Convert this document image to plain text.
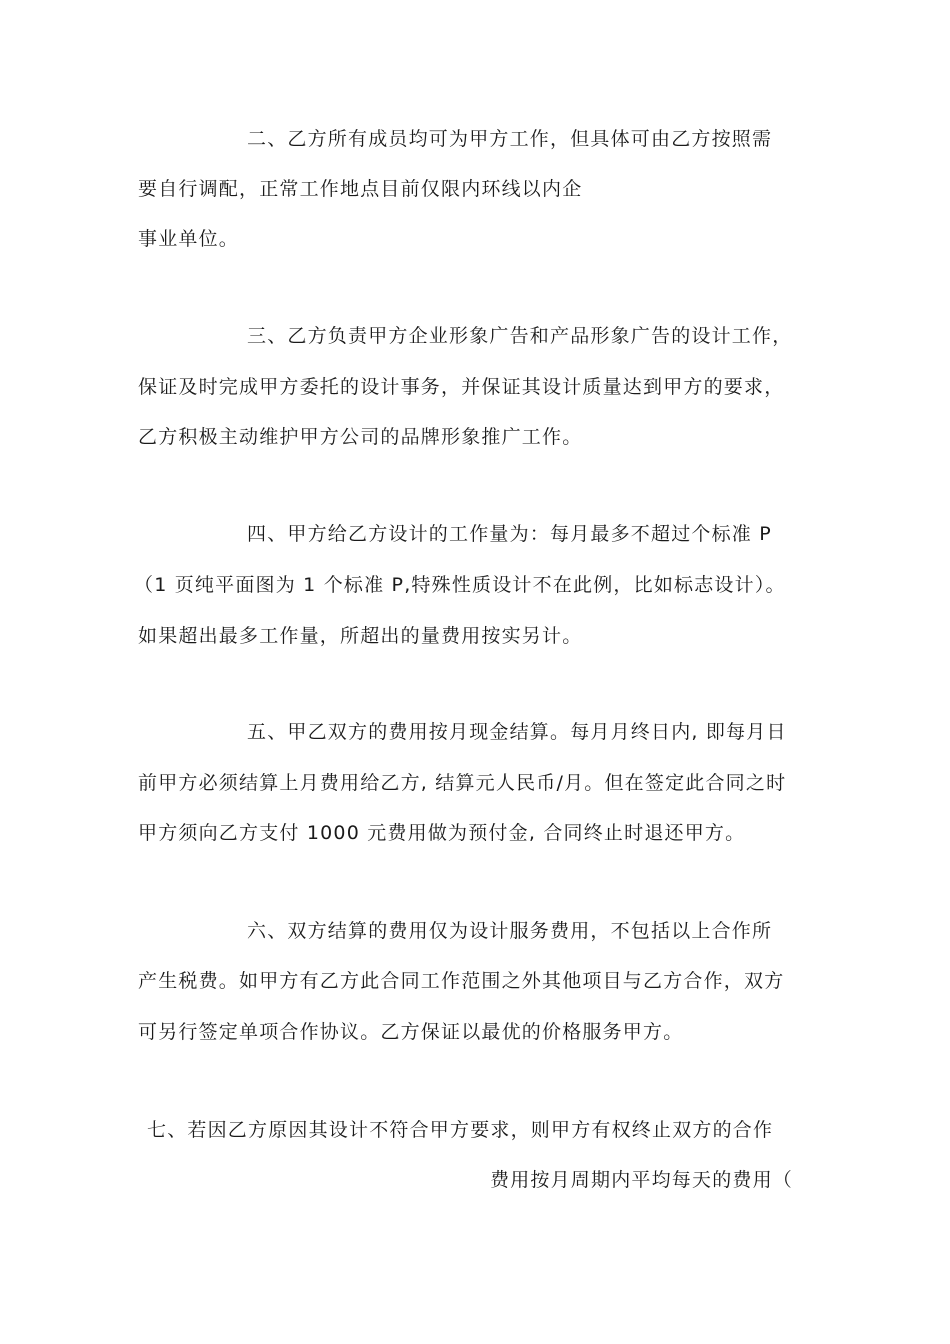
二、乙方所有成员均可为甲方工作，但具体可由乙方按照需
要自行调配，正常工作地点目前仅限内环线以内企
事业单位。
三、乙方负责甲方企业形象广告和产品形象广告的设计工作，
保证及时完成甲方委托的设计事务，并保证其设计质量达到甲方的要求，
乙方积极主动维护甲方公司的品牌形象推广工作。
四、甲方给乙方设计的工作量为：每月最多不超过个标准 P
（1 页纯平面图为 1 个标准 P,特殊性质设计不在此例，比如标志设计）。
如果超出最多工作量，所超出的量费用按实另计。
五、甲乙双方的费用按月现金结算。每月月终日内, 即每月日
前甲方必须结算上月费用给乙方, 结算元人民币/月。但在签定此合同之时
甲方须向乙方支付 1000 元费用做为预付金, 合同终止时退还甲方。
六、双方结算的费用仅为设计服务费用，不包括以上合作所
产生税费。如甲方有乙方此合同工作范围之外其他项目与乙方合作，双方
可另行签定单项合作协议。乙方保证以最优的价格服务甲方。
七、若因乙方原因其设计不符合甲方要求，则甲方有权终止双方的合作
费用按月周期内平均每天的费用（
